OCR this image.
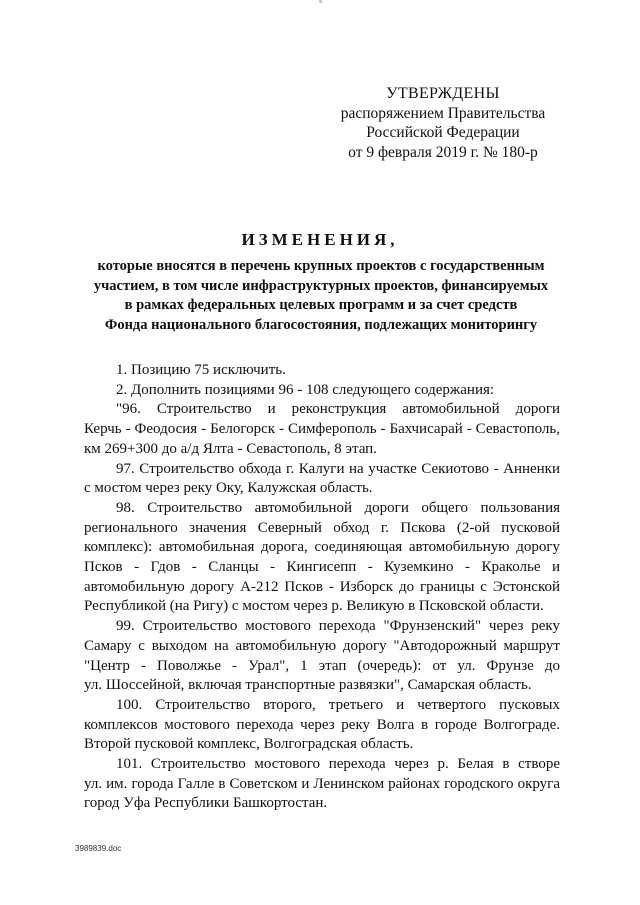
УТВЕРЖДЕНЫ
распоряжением Правительства
Российской Федерации
от 9 февраля 2019 г. № 180-р
ИЗМЕНЕНИЯ,
которые вносятся в перечень крупных проектов с государственным
участием, в том числе инфраструктурных проектов, финансируемых
в рамках федеральных целевых программ и за счет средств
Фонда национального благосостояния, подлежащих мониторингу
1. Позицию 75 исключить.
2. Дополнить позициями 96 - 108 следующего содержания:
"96. Строительство и реконструкция автомобильной дороги
Керчь - Феодосия - Белогорск - Симферополь - Бахчисарай - Севастополь,
км 269+300 до а/д Ялта - Севастополь, 8 этап.
97. Строительство обхода г. Калуги на участке Секиотово - Анненки
с мостом через реку Оку, Калужская область.
98. Строительство автомобильной дороги общего пользования
регионального значения Северный обход г. Пскова (2-ой пусковой
комплекс): автомобильная дорога, соединяющая автомобильную дорогу
Псков - Гдов - Сланцы - Кингисепп - Куземкино - Краколье и
автомобильную дорогу А-212 Псков - Изборск до границы с Эстонской
Республикой (на Ригу) с мостом через р. Великую в Псковской области.
99. Строительство мостового перехода "Фрунзенский" через реку
Самару с выходом на автомобильную дорогу "Автодорожный маршрут
"Центр - Поволжье - Урал", 1 этап (очередь): от ул. Фрунзе до
ул. Шоссейной, включая транспортные развязки", Самарская область.
100. Строительство второго, третьего и четвертого пусковых
комплексов мостового перехода через реку Волга в городе Волгограде.
Второй пусковой комплекс, Волгоградская область.
101. Строительство мостового перехода через р. Белая в створе
ул. им. города Галле в Советском и Ленинском районах городского округа
город Уфа Республики Башкортостан.
3989839.doc
